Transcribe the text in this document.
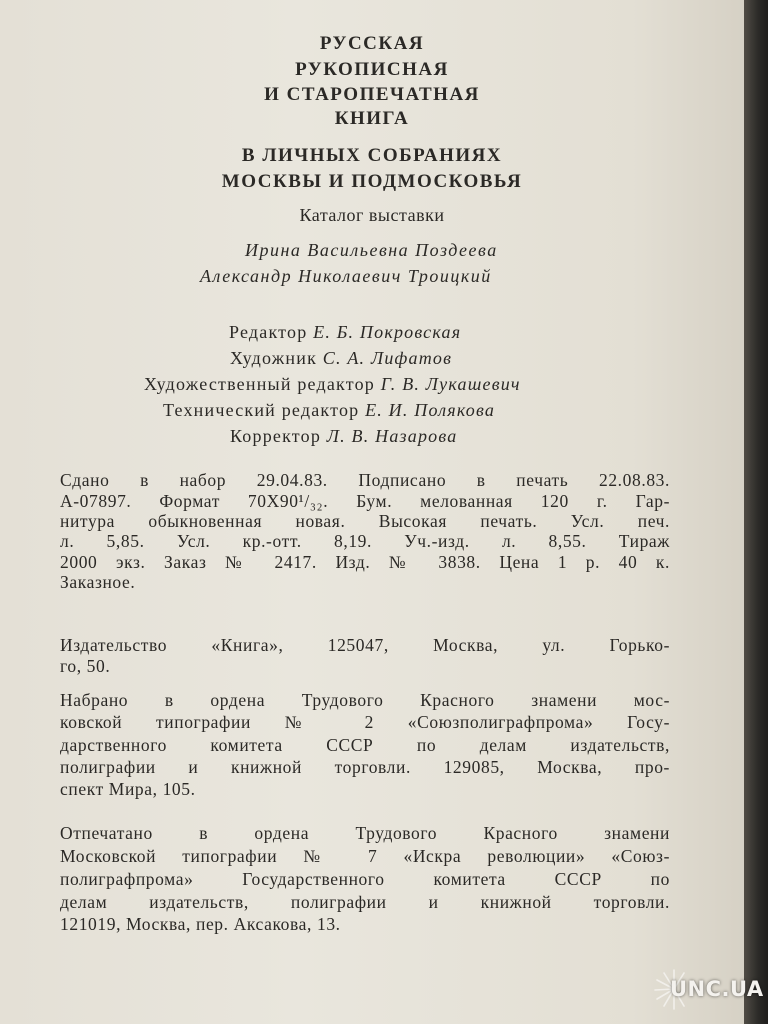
РУССКАЯ
РУКОПИСНАЯ
И СТАРОПЕЧАТНАЯ
КНИГА
В ЛИЧНЫХ СОБРАНИЯХ
МОСКВЫ И ПОДМОСКОВЬЯ
Каталог выставки
Ирина Васильевна Поздеева
Александр Николаевич Троицкий
Редактор Е. Б. Покровская
Художник С. А. Лифатов
Художественный редактор Г. В. Лукашевич
Технический редактор Е. И. Полякова
Корректор Л. В. Назарова
Сдано в набор 29.04.83. Подписано в печать 22.08.83.
А-07897. Формат 70Х90¹/₃₂. Бум. мелованная 120 г. Гар-
нитура обыкновенная новая. Высокая печать. Усл. печ.
л. 5,85. Усл. кр.-отт. 8,19. Уч.-изд. л. 8,55. Тираж
2000 экз. Заказ № 2417. Изд. № 3838. Цена 1 р. 40 к.
Заказное.
Издательство «Книга», 125047, Москва, ул. Горько-
го, 50.
Набрано в ордена Трудового Красного знамени мос-
ковской типографии № 2 «Союзполиграфпрома» Госу-
дарственного комитета СССР по делам издательств,
полиграфии и книжной торговли. 129085, Москва, про-
спект Мира, 105.
Отпечатано в ордена Трудового Красного знамени
Московской типографии № 7 «Искра революции» «Союз-
полиграфпрома» Государственного комитета СССР по
делам издательств, полиграфии и книжной торговли.
121019, Москва, пер. Аксакова, 13.
UNC.UA
